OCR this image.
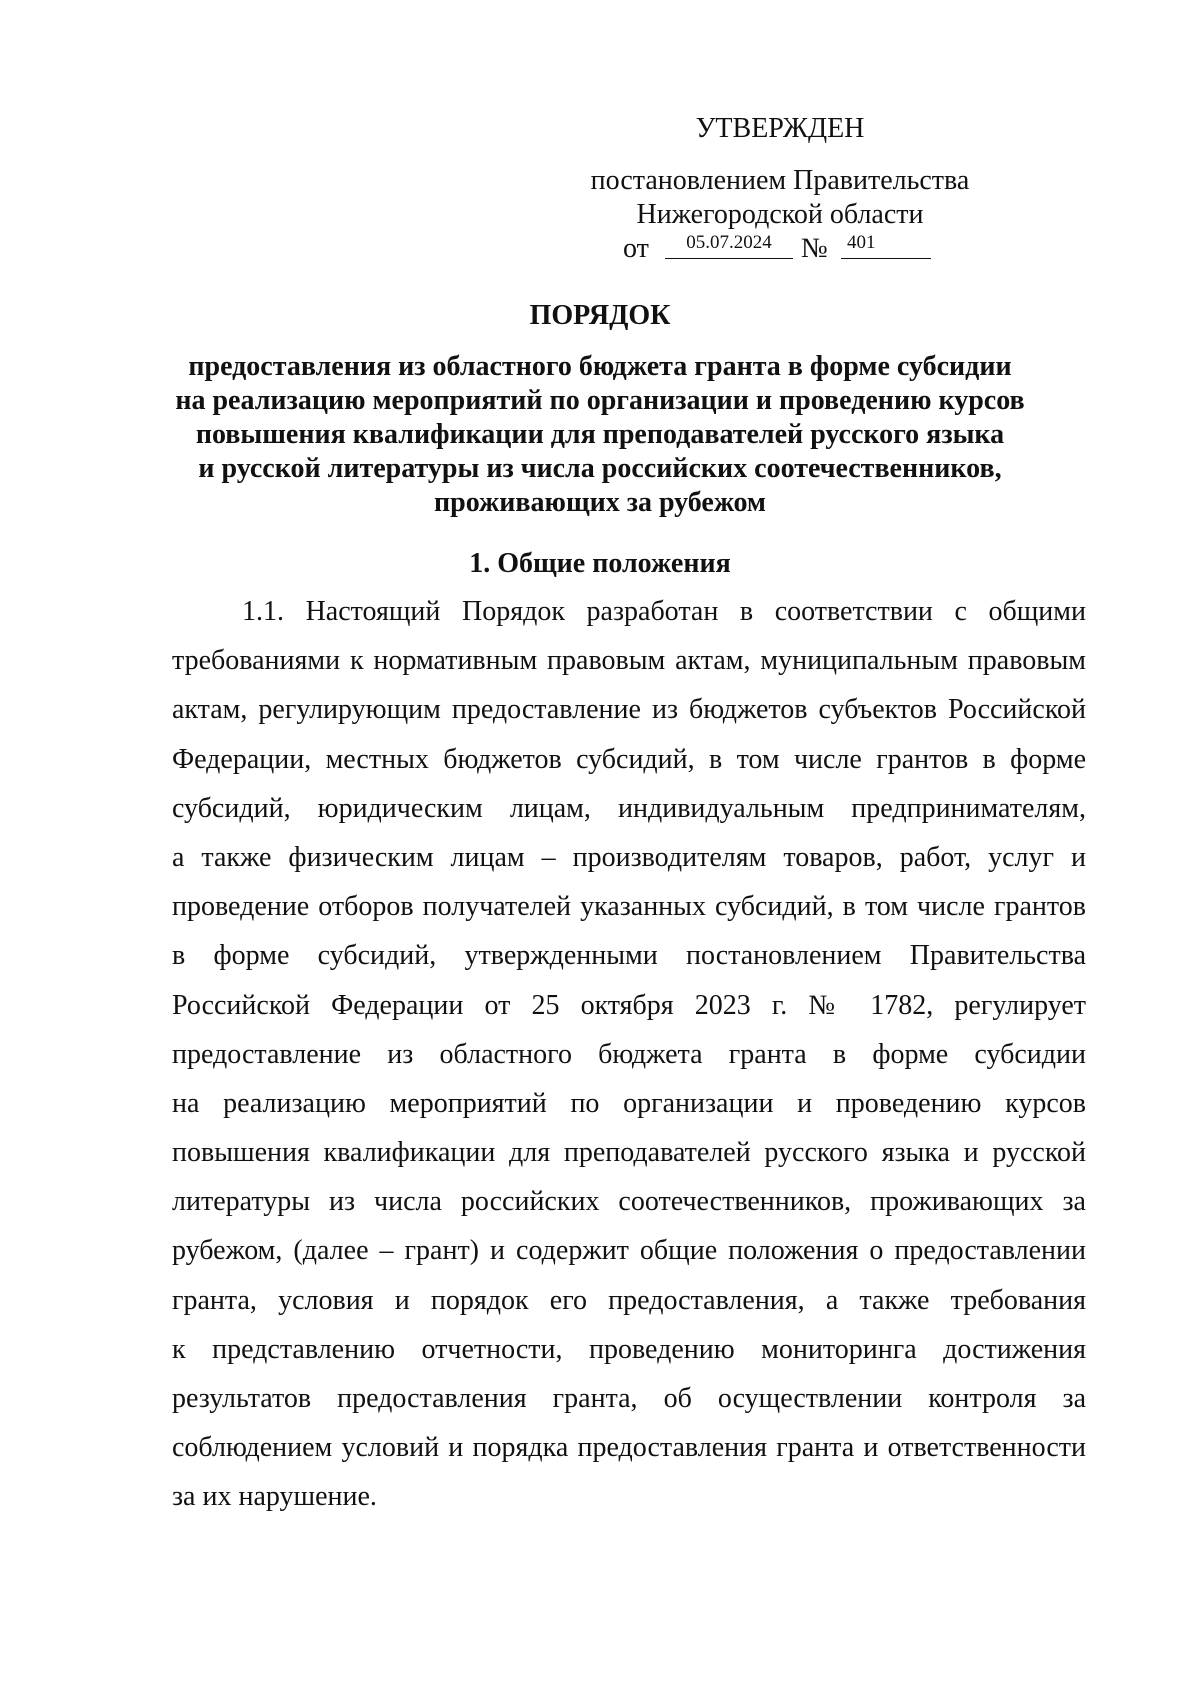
УТВЕРЖДЕН
постановлением Правительства
Нижегородской области
от	05.07.2024	№	401
ПОРЯДОК
предоставления из областного бюджета гранта в форме субсидии
на реализацию мероприятий по организации и проведению курсов
повышения квалификации для преподавателей русского языка
и русской литературы из числа российских соотечественников,
проживающих за рубежом
1. Общие положения
1.1. Настоящий Порядок разработан в соответствии с общими
требованиями к нормативным правовым актам, муниципальным правовым
актам, регулирующим предоставление из бюджетов субъектов Российской
Федерации, местных бюджетов субсидий, в том числе грантов в форме
субсидий, юридическим лицам, индивидуальным предпринимателям,
а также физическим лицам – производителям товаров, работ, услуг и
проведение отборов получателей указанных субсидий, в том числе грантов
в форме субсидий, утвержденными постановлением Правительства
Российской Федерации от 25 октября 2023 г. № 1782, регулирует
предоставление из областного бюджета гранта в форме субсидии
на реализацию мероприятий по организации и проведению курсов
повышения квалификации для преподавателей русского языка и русской
литературы из числа российских соотечественников, проживающих за
рубежом, (далее – грант) и содержит общие положения о предоставлении
гранта, условия и порядок его предоставления, а также требования
к представлению отчетности, проведению мониторинга достижения
результатов предоставления гранта, об осуществлении контроля за
соблюдением условий и порядка предоставления гранта и ответственности
за их нарушение.
